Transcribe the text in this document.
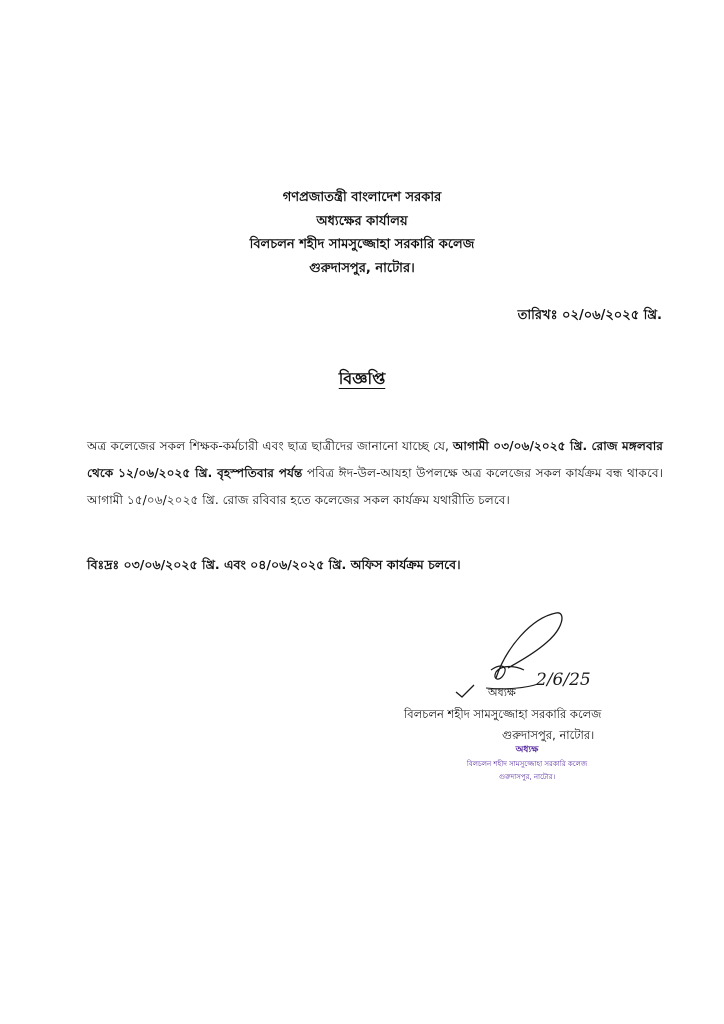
গণপ্রজাতন্ত্রী বাংলাদেশ সরকার
অধ্যক্ষের কার্যালয়
বিলচলন শহীদ সামসুজ্জোহা সরকারি কলেজ
গুরুদাসপুর, নাটোর।
তারিখঃ ০২/০৬/২০২৫ খ্রি.
বিজ্ঞপ্তি
অত্র কলেজের সকল শিক্ষক-কর্মচারী এবং ছাত্র ছাত্রীদের জানানো যাচ্ছে যে, আগামী ০৩/০৬/২০২৫ খ্রি. রোজ মঙ্গলবার থেকে ১২/০৬/২০২৫ খ্রি. বৃহস্পতিবার পর্যন্ত পবিত্র ঈদ-উল-আযহা উপলক্ষে অত্র কলেজের সকল কার্যক্রম বন্ধ থাকবে। আগামী ১৫/০৬/২০২৫ খ্রি. রোজ রবিবার হতে কলেজের সকল কার্যক্রম যথারীতি চলবে।
বিঃদ্রঃ ০৩/০৬/২০২৫ খ্রি. এবং ০৪/০৬/২০২৫ খ্রি. অফিস কার্যক্রম চলবে।
অধ্যক্ষ
2/6/25
বিলচলন শহীদ সামসুজ্জোহা সরকারি কলেজ
গুরুদাসপুর, নাটোর।
অধ্যক্ষ
বিলচলন শহীদ সামসুজ্জোহা সরকারি কলেজ
গুরুদাসপুর, নাটোর।
